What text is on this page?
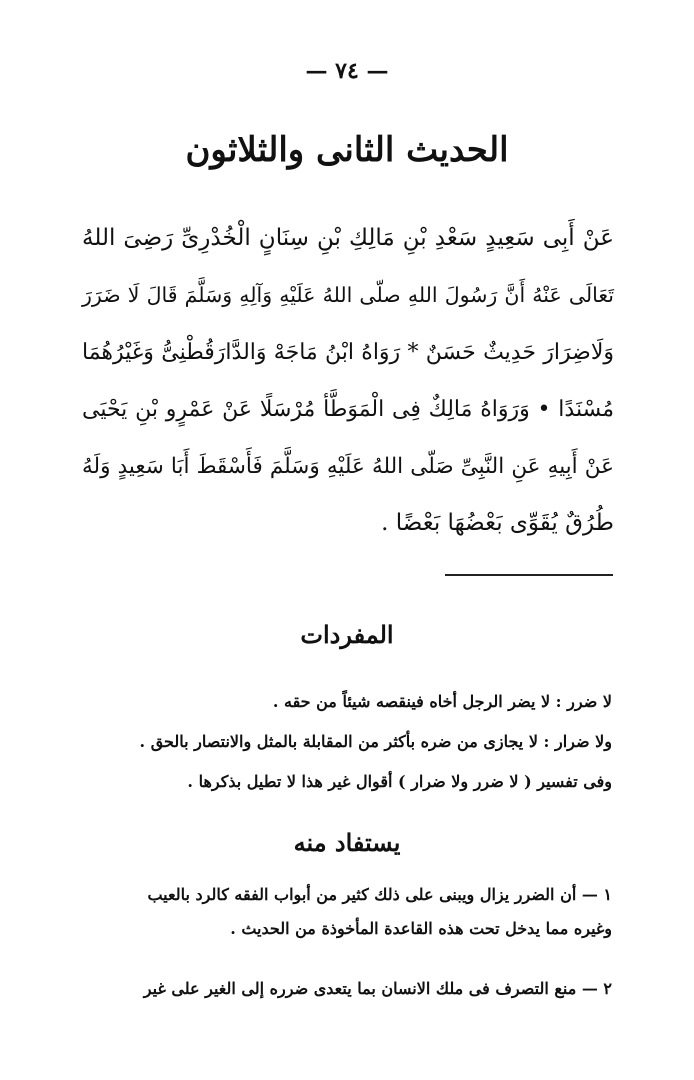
— ٧٤ —
الحديث الثانى والثلاثون
عَنْ أَبِى سَعِيدٍ سَعْدِ بْنِ مَالِكِ بْنِ سِنَانٍ الْخُدْرِىِّ رَضِىَ اللهُ
تَعَالَى عَنْهُ أَنَّ رَسُولَ اللهِ صلّى اللهُ عَلَيْهِ وَآلِهِ وَسَلَّمَ قَالَ لَا ضَرَرَ
وَلَاضِرَارَ حَدِيثٌ حَسَنٌ * رَوَاهُ ابْنُ مَاجَهْ وَالدَّارَقُطْنِىُّ وَغَيْرُهُمَا
مُسْنَدًا • وَرَوَاهُ مَالِكٌ فِى الْمَوَطَّأ مُرْسَلًا عَنْ عَمْرٍو بْنِ يَحْيَى
عَنْ أَبِيهِ عَنِ النَّبِىِّ صَلّى اللهُ عَلَيْهِ وَسَلَّمَ فَأَسْقَطَ أَبَا سَعِيدٍ وَلَهُ
طُرُقٌ يُقَوِّى بَعْضُهَا بَعْضًا .
المفردات
لا ضرر : لا يضر الرجل أخاه فينقصه شيئاً من حقه .
ولا ضرار : لا يجازى من ضره بأكثر من المقابلة بالمثل والانتصار بالحق .
وفى تفسير ( لا ضرر ولا ضرار ) أقوال غير هذا لا تطيل بذكرها .
يستفاد منه
١ — أن الضرر يزال ويبنى على ذلك كثير من أبواب الفقه كالرد بالعيب
وغيره مما يدخل تحت هذه القاعدة المأخوذة من الحديث .
٢ — منع التصرف فى ملك الانسان بما يتعدى ضرره إلى الغير على غير
